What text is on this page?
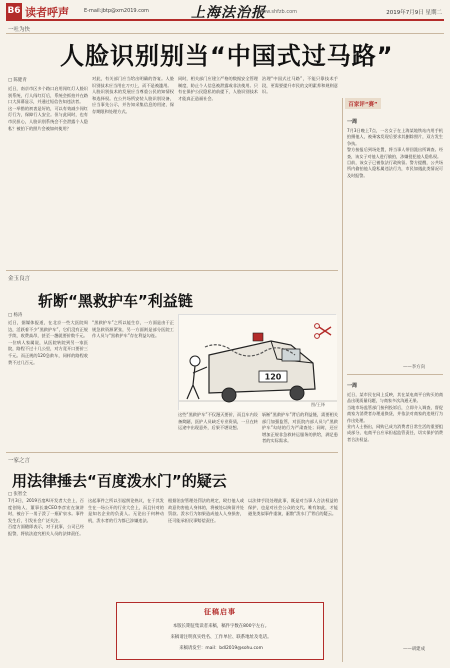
B6 读者呼声	E-mail:jbtp@xm2019.com	上海法治报
www.shfzb.com	2019年7月9日 星期二
一吐为快
人脸识别别当“中国式过马路”
□ 陈健青

近日，南京市区多个路口启用闯红灯人脸识别系统，行人闯红灯后，系统会抓拍并在路口大屏幕显示，并通过短信告知违法者。

这一举措的初衷是好的，可以有效减少闯红灯行为，保障行人安全。但与此同时，也有市民担心，人脸识别系统会不会泄露个人隐私？被拍下的照片会被如何使用？

对此，有关部门应当给出明确的答复。人脸识别技术应当用在刀刃上，而不是被滥用。

人脸识别技术的发展应当尊重公民的知情权和选择权。在公共场所安装人脸识别设备，应当事先公示，并告知采集信息的用途、保存期限和处理方式。

同时，相关部门应建立严格的数据安全管理制度，防止个人信息被泄露或非法使用。只有在保护公民隐私的前提下，人脸识别技术才能真正造福社会。

治理“中国式过马路”，不能只靠技术手段，更需要提升市民的文明素养和规则意识。

金玉良言
斩断“黑救护车”利益链
□ 杨涛

近日，据媒体报道，在北京一些大医院周边，活跃着不少“黑救护车”，它们没有正规手续，收费高昂，甚至一趟就要价数千元。

一位病人家属说，从医院转院到另一家医院，路程不过十几公里，对方竟开口要价三千元。而正规的120急救车，同样的路程收费不过几百元。

“黑救护车”之所以能生存，一方面是由于正规急救资源紧张，另一方面则是部分医院工作人员与“黑救护车”存在利益勾连。

这些“黑救护车”不仅漫天要价，而且车内设备简陋，医护人员缺乏专业资质，一旦在转运途中出现意外，后果不堪设想。

斩断“黑救护车”背后的利益链，需要相关部门加强监管，对医院内部人员与“黑救护车”勾结的行为严肃查处；同时，还应增加正规非急救转运服务的供给，满足患者的实际需求。

120
图/王铎
一家之言
用法律捶去“百度泼水门”的疑云
□ 张智全

7月3日，2019百度AI开发者大会上，百度创始人、董事长兼CEO李彦宏在演讲时，被台下一男子泼了一瓶矿泉水。事件发生后，引发社会广泛关注。

百度方面随即表示，对于此事，公司已经报警，将依法追究相关人员的法律责任。

这起事件之所以引起舆论热议，在于其发生在一场公开的行业大会上，而且针对的是知名企业的负责人。无论出于何种动机，泼水者的行为都已涉嫌违法。

根据治安管理处罚法的规定，殴打他人或故意伤害他人身体的，将被处以拘留并处罚款。泼水行为如果造成他人人身损害，还可能承担民事赔偿责任。

以法律手段处理此事，既是对当事人合法权益的保护，也是对社会公众的交代。唯有如此，才能避免类似事件重演，驱散“泼水门”背后的疑云。

征稿启事
本版长期征集读者来稿，稿件字数在800字左右。
来稿请注明真实姓名、工作单位、联系地址及电话。
来稿请发至：mail：bdl2019@sohu.com
百家评“赛”
一周

7月3日晚上7点，一名女子在上海某地铁站内用手机拍摄他人，被乘客发现后要求其删除照片，双方发生争执。

警方接报后到场处置，将当事人带回派出所调查。经查，该女子对他人进行偷拍，涉嫌侵犯他人隐私权。

目前，该女子已被依法行政拘留。警方提醒，公共场所内偷拍他人隐私属违法行为，市民如遇此类情况可及时报警。

——李方向
一周

近日，某市民在网上反映，其在某电商平台购买的商品出现质量问题，与商家多次沟通无果。

当地市场监管部门接到投诉后，立即介入调查，督促商家为消费者办理退换货，并依法对商家的违规行为作出处理。

业内人士指出，网购已成为消费者日常生活的重要组成部分，电商平台应承担起监管责任，切实保护消费者合法权益。

——胡建成
